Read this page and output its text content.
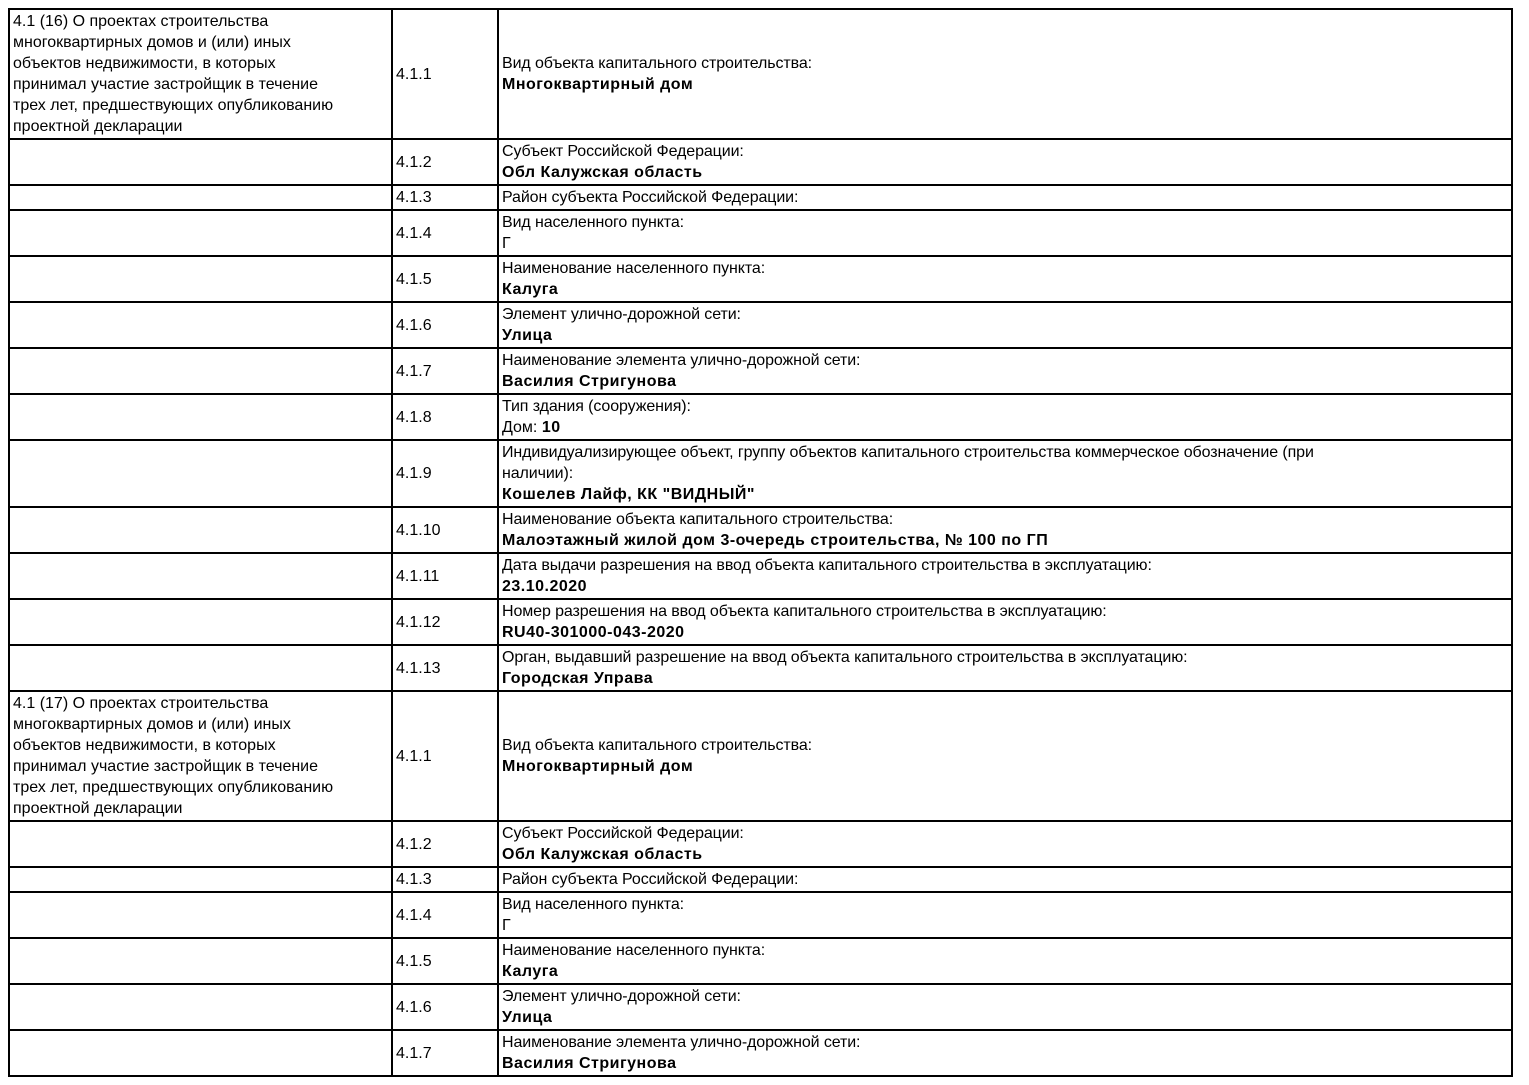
4.1 (16) О проектах строительства многоквартирных домов и (или) иных объектов недвижимости, в которых принимал участие застройщик в течение трех лет, предшествующих опубликованию проектной декларации	4.1.1	Вид объекта капитального строительства:
Многоквартирный дом

	4.1.2	Субъект Российской Федерации:
Обл Калужская область

	4.1.3	Район субъекта Российской Федерации:

	4.1.4	Вид населенного пункта:
Г

	4.1.5	Наименование населенного пункта:
Калуга

	4.1.6	Элемент улично-дорожной сети:
Улица

	4.1.7	Наименование элемента улично-дорожной сети:
Василия Стригунова

	4.1.8	Тип здания (сооружения):
Дом: 10

	4.1.9	Индивидуализирующее объект, группу объектов капитального строительства коммерческое обозначение (при наличии):
Кошелев Лайф, КК "ВИДНЫЙ"

	4.1.10	Наименование объекта капитального строительства:
Малоэтажный жилой дом 3-очередь строительства, № 100 по ГП

	4.1.11	Дата выдачи разрешения на ввод объекта капитального строительства в эксплуатацию:
23.10.2020

	4.1.12	Номер разрешения на ввод объекта капитального строительства в эксплуатацию:
RU40-301000-043-2020

	4.1.13	Орган, выдавший разрешение на ввод объекта капитального строительства в эксплуатацию:
Городская Управа

4.1 (17) О проектах строительства многоквартирных домов и (или) иных объектов недвижимости, в которых принимал участие застройщик в течение трех лет, предшествующих опубликованию проектной декларации	4.1.1	Вид объекта капитального строительства:
Многоквартирный дом

	4.1.2	Субъект Российской Федерации:
Обл Калужская область

	4.1.3	Район субъекта Российской Федерации:

	4.1.4	Вид населенного пункта:
Г

	4.1.5	Наименование населенного пункта:
Калуга

	4.1.6	Элемент улично-дорожной сети:
Улица

	4.1.7	Наименование элемента улично-дорожной сети:
Василия Стригунова
